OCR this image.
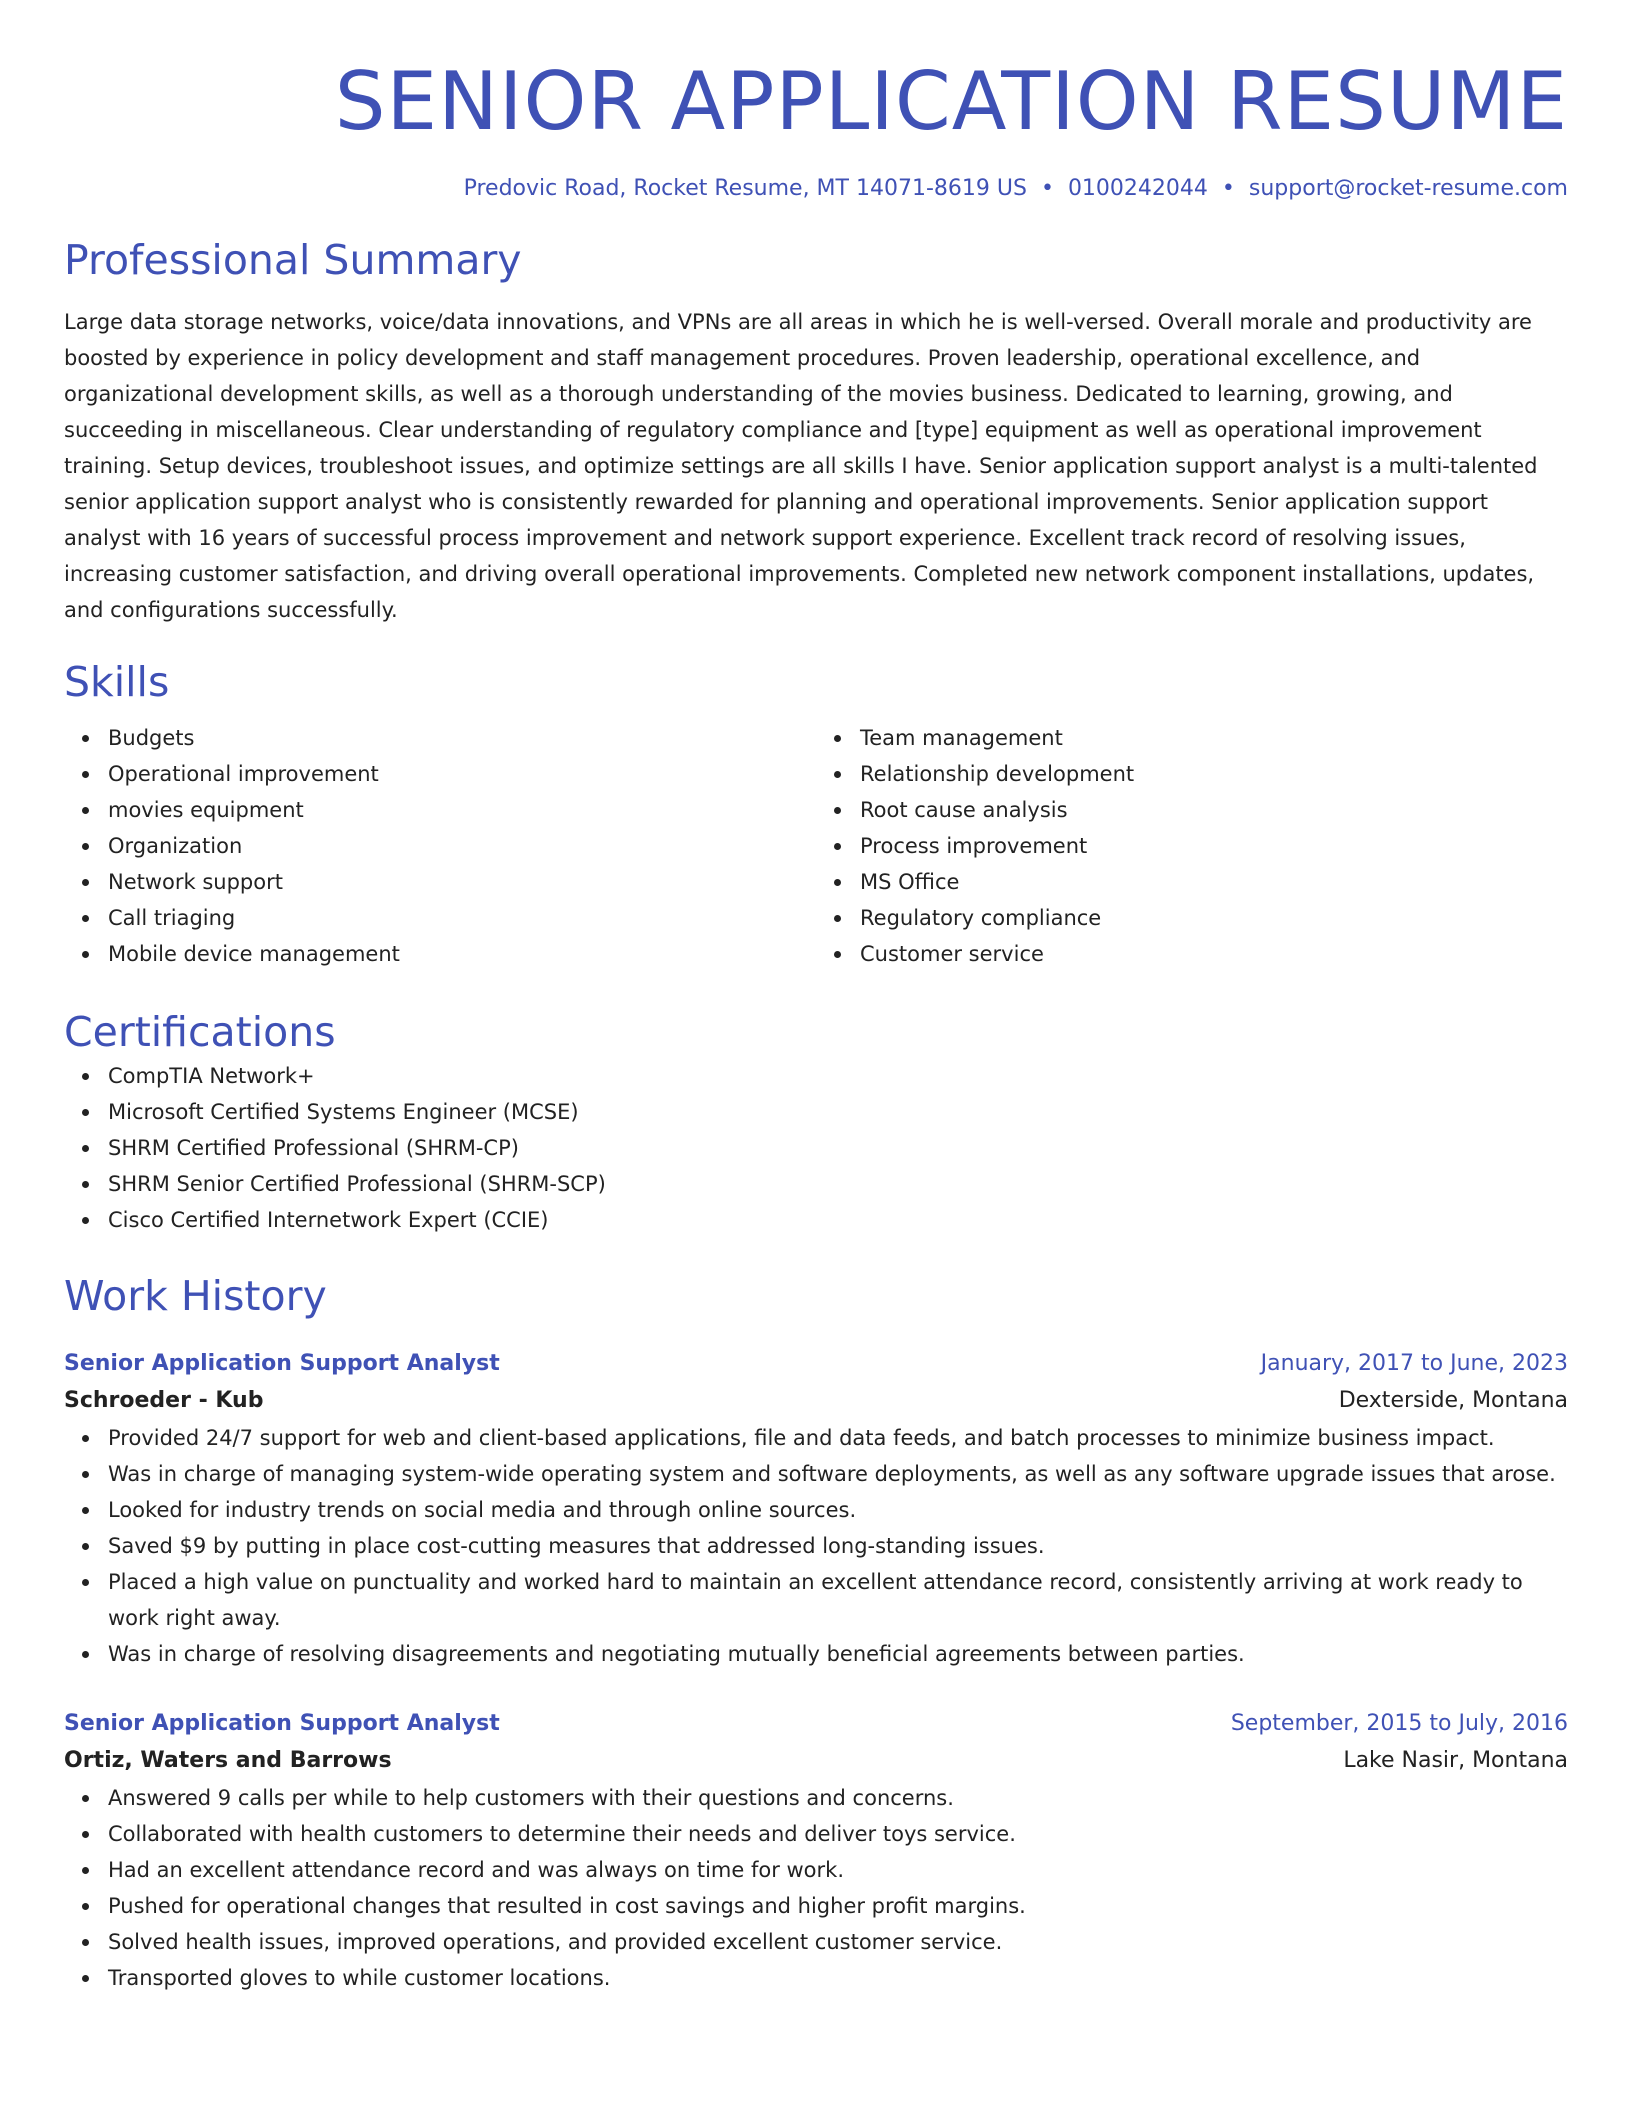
SENIOR APPLICATION RESUME
Predovic Road, Rocket Resume, MT 14071-8619 US • 0100242044 • support@rocket-resume.com
Professional Summary

Large data storage networks, voice/data innovations, and VPNs are all areas in which he is well-versed. Overall morale and productivity are boosted by experience in policy development and staff management procedures. Proven leadership, operational excellence, and organizational development skills, as well as a thorough understanding of the movies business. Dedicated to learning, growing, and succeeding in miscellaneous. Clear understanding of regulatory compliance and [type] equipment as well as operational improvement training. Setup devices, troubleshoot issues, and optimize settings are all skills I have. Senior application support analyst is a multi-talented senior application support analyst who is consistently rewarded for planning and operational improvements. Senior application support analyst with 16 years of successful process improvement and network support experience. Excellent track record of resolving issues, increasing customer satisfaction, and driving overall operational improvements. Completed new network component installations, updates, and configurations successfully.

Skills
Budgets
Operational improvement
movies equipment
Organization
Network support
Call triaging
Mobile device management
Team management
Relationship development
Root cause analysis
Process improvement
MS Office
Regulatory compliance
Customer service
Certifications
CompTIA Network+
Microsoft Certified Systems Engineer (MCSE)
SHRM Certified Professional (SHRM-CP)
SHRM Senior Certified Professional (SHRM-SCP)
Cisco Certified Internetwork Expert (CCIE)
Work History
Senior Application Support Analyst	January, 2017 to June, 2023
Schroeder - Kub	Dexterside, Montana
Provided 24/7 support for web and client-based applications, file and data feeds, and batch processes to minimize business impact.
Was in charge of managing system-wide operating system and software deployments, as well as any software upgrade issues that arose.
Looked for industry trends on social media and through online sources.
Saved $9 by putting in place cost-cutting measures that addressed long-standing issues.
Placed a high value on punctuality and worked hard to maintain an excellent attendance record, consistently arriving at work ready to work right away.
Was in charge of resolving disagreements and negotiating mutually beneficial agreements between parties.
Senior Application Support Analyst	September, 2015 to July, 2016
Ortiz, Waters and Barrows	Lake Nasir, Montana
Answered 9 calls per while to help customers with their questions and concerns.
Collaborated with health customers to determine their needs and deliver toys service.
Had an excellent attendance record and was always on time for work.
Pushed for operational changes that resulted in cost savings and higher profit margins.
Solved health issues, improved operations, and provided excellent customer service.
Transported gloves to while customer locations.
